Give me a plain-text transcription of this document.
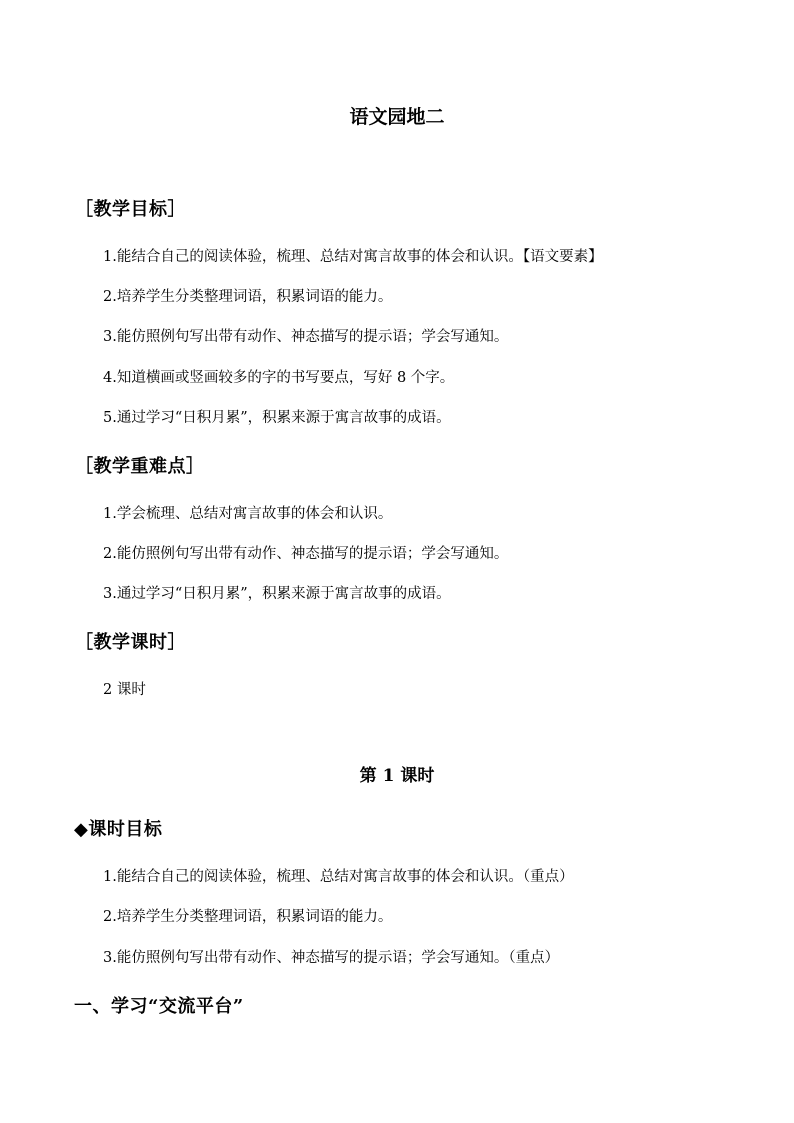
语文园地二
［教学目标］
1.能结合自己的阅读体验，梳理、总结对寓言故事的体会和认识。【语文要素】
2.培养学生分类整理词语，积累词语的能力。
3.能仿照例句写出带有动作、神态描写的提示语；学会写通知。
4.知道横画或竖画较多的字的书写要点，写好 8 个字。
5.通过学习“日积月累”，积累来源于寓言故事的成语。
［教学重难点］
1.学会梳理、总结对寓言故事的体会和认识。
2.能仿照例句写出带有动作、神态描写的提示语；学会写通知。
3.通过学习“日积月累”，积累来源于寓言故事的成语。
［教学课时］
2 课时
第 1 课时
◆课时目标
1.能结合自己的阅读体验，梳理、总结对寓言故事的体会和认识。（重点）
2.培养学生分类整理词语，积累词语的能力。
3.能仿照例句写出带有动作、神态描写的提示语；学会写通知。（重点）
一、学习“交流平台”
